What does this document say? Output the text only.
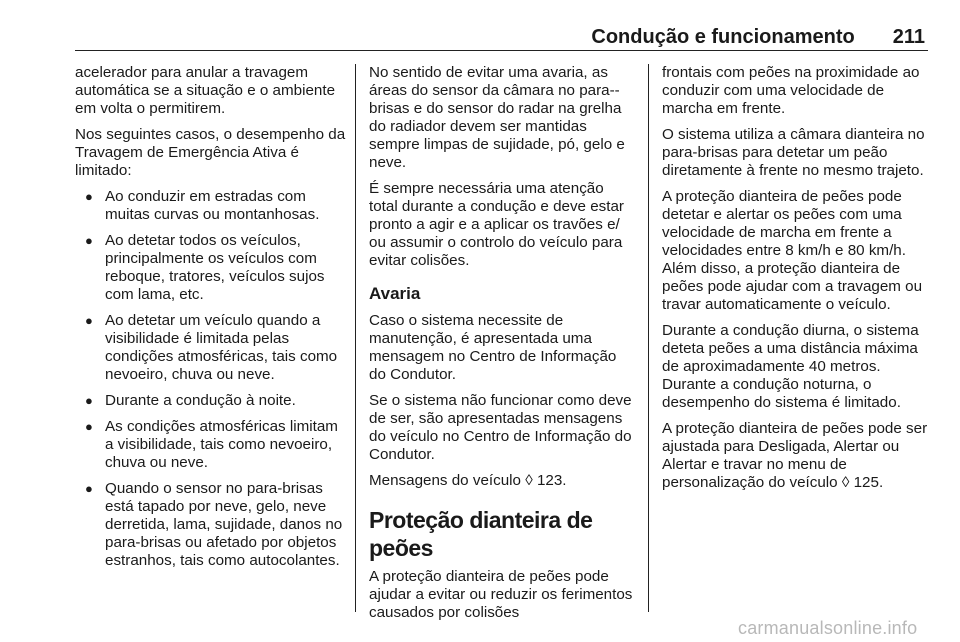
Condução e funcionamento 211

acelerador para anular a travagem automática se a situação e o ambiente em volta o permitirem.

Nos seguintes casos, o desempenho da Travagem de Emergência Ativa é limitado:

● Ao conduzir em estradas com muitas curvas ou montanhosas.
● Ao detetar todos os veículos, principalmente os veículos com reboque, tratores, veículos sujos com lama, etc.
● Ao detetar um veículo quando a visibilidade é limitada pelas condições atmosféricas, tais como nevoeiro, chuva ou neve.
● Durante a condução à noite.
● As condições atmosféricas limitam a visibilidade, tais como nevoeiro, chuva ou neve.
● Quando o sensor no para-brisas está tapado por neve, gelo, neve derretida, lama, sujidade, danos no para-brisas ou afetado por objetos estranhos, tais como autocolantes.

No sentido de evitar uma avaria, as áreas do sensor da câmara no para--brisas e do sensor do radar na grelha do radiador devem ser mantidas sempre limpas de sujidade, pó, gelo e neve.

É sempre necessária uma atenção total durante a condução e deve estar pronto a agir e a aplicar os travões e/ ou assumir o controlo do veículo para evitar colisões.

Avaria

Caso o sistema necessite de manutenção, é apresentada uma mensagem no Centro de Informação do Condutor.

Se o sistema não funcionar como deve de ser, são apresentadas mensagens do veículo no Centro de Informação do Condutor.

Mensagens do veículo ◊ 123.

Proteção dianteira de peões

A proteção dianteira de peões pode ajudar a evitar ou reduzir os ferimentos causados por colisões

frontais com peões na proximidade ao conduzir com uma velocidade de marcha em frente.

O sistema utiliza a câmara dianteira no para-brisas para detetar um peão diretamente à frente no mesmo trajeto.

A proteção dianteira de peões pode detetar e alertar os peões com uma velocidade de marcha em frente a velocidades entre 8 km/h e 80 km/h. Além disso, a proteção dianteira de peões pode ajudar com a travagem ou travar automaticamente o veículo.

Durante a condução diurna, o sistema deteta peões a uma distância máxima de aproximadamente 40 metros. Durante a condução noturna, o desempenho do sistema é limitado.

A proteção dianteira de peões pode ser ajustada para Desligada, Alertar ou Alertar e travar no menu de personalização do veículo ◊ 125.

carmanualsonline.info
